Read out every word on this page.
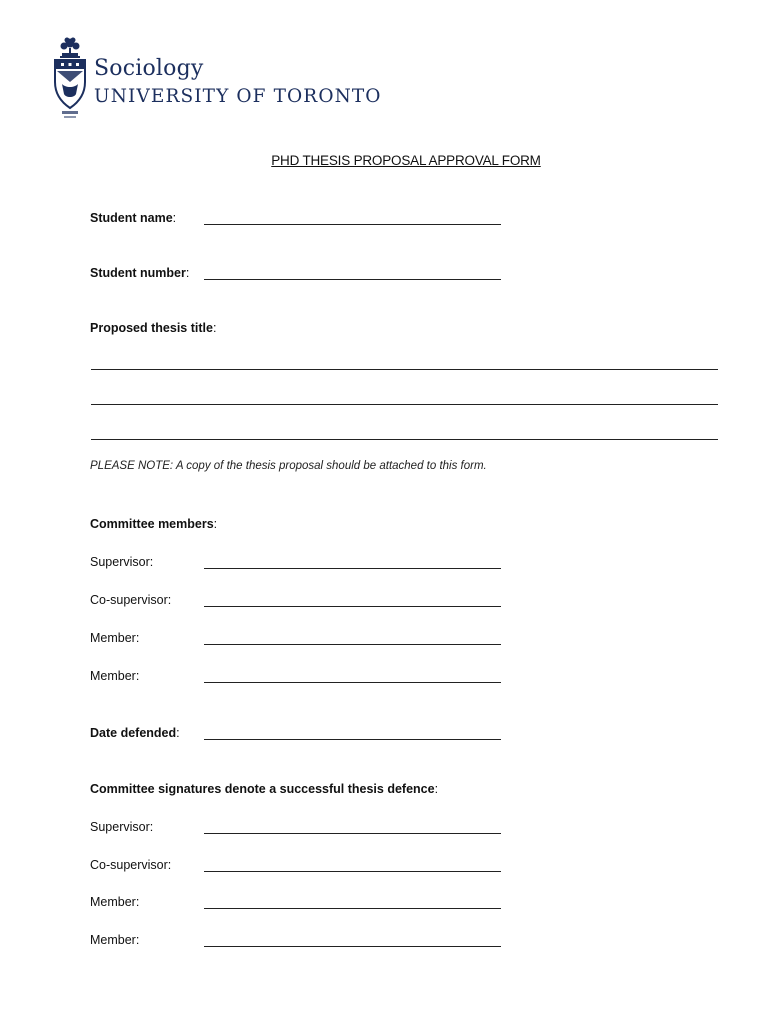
Sociology
UNIVERSITY OF TORONTO
PHD THESIS PROPOSAL APPROVAL FORM
Student name:
Student number:
Proposed thesis title:
PLEASE NOTE: A copy of the thesis proposal should be attached to this form.
Committee members:
Supervisor:
Co-supervisor:
Member:
Member:
Date defended:
Committee signatures denote a successful thesis defence:
Supervisor:
Co-supervisor:
Member:
Member:
